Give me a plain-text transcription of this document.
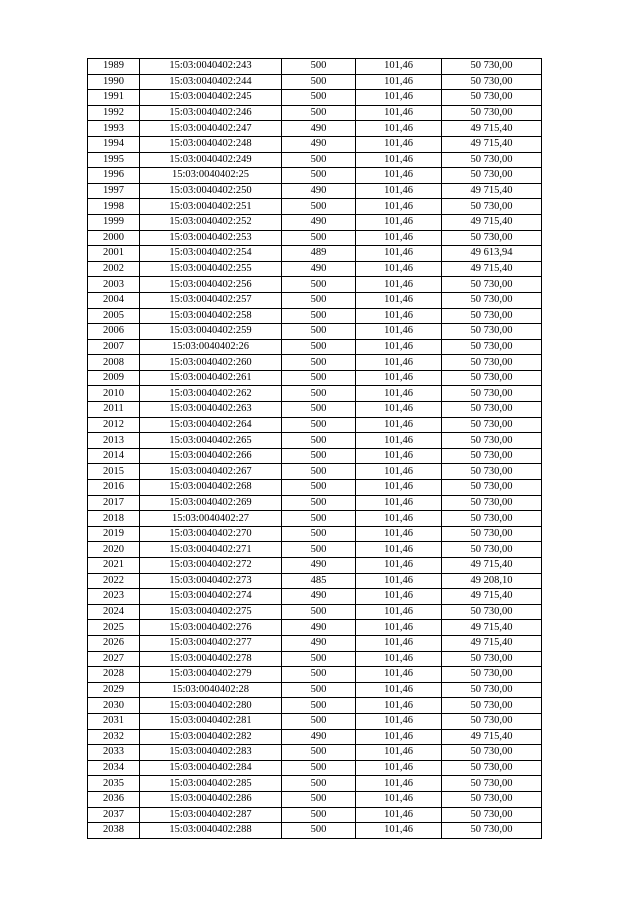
1989	15:03:0040402:243	500	101,46	50 730,00
1990	15:03:0040402:244	500	101,46	50 730,00
1991	15:03:0040402:245	500	101,46	50 730,00
1992	15:03:0040402:246	500	101,46	50 730,00
1993	15:03:0040402:247	490	101,46	49 715,40
1994	15:03:0040402:248	490	101,46	49 715,40
1995	15:03:0040402:249	500	101,46	50 730,00
1996	15:03:0040402:25	500	101,46	50 730,00
1997	15:03:0040402:250	490	101,46	49 715,40
1998	15:03:0040402:251	500	101,46	50 730,00
1999	15:03:0040402:252	490	101,46	49 715,40
2000	15:03:0040402:253	500	101,46	50 730,00
2001	15:03:0040402:254	489	101,46	49 613,94
2002	15:03:0040402:255	490	101,46	49 715,40
2003	15:03:0040402:256	500	101,46	50 730,00
2004	15:03:0040402:257	500	101,46	50 730,00
2005	15:03:0040402:258	500	101,46	50 730,00
2006	15:03:0040402:259	500	101,46	50 730,00
2007	15:03:0040402:26	500	101,46	50 730,00
2008	15:03:0040402:260	500	101,46	50 730,00
2009	15:03:0040402:261	500	101,46	50 730,00
2010	15:03:0040402:262	500	101,46	50 730,00
2011	15:03:0040402:263	500	101,46	50 730,00
2012	15:03:0040402:264	500	101,46	50 730,00
2013	15:03:0040402:265	500	101,46	50 730,00
2014	15:03:0040402:266	500	101,46	50 730,00
2015	15:03:0040402:267	500	101,46	50 730,00
2016	15:03:0040402:268	500	101,46	50 730,00
2017	15:03:0040402:269	500	101,46	50 730,00
2018	15:03:0040402:27	500	101,46	50 730,00
2019	15:03:0040402:270	500	101,46	50 730,00
2020	15:03:0040402:271	500	101,46	50 730,00
2021	15:03:0040402:272	490	101,46	49 715,40
2022	15:03:0040402:273	485	101,46	49 208,10
2023	15:03:0040402:274	490	101,46	49 715,40
2024	15:03:0040402:275	500	101,46	50 730,00
2025	15:03:0040402:276	490	101,46	49 715,40
2026	15:03:0040402:277	490	101,46	49 715,40
2027	15:03:0040402:278	500	101,46	50 730,00
2028	15:03:0040402:279	500	101,46	50 730,00
2029	15:03:0040402:28	500	101,46	50 730,00
2030	15:03:0040402:280	500	101,46	50 730,00
2031	15:03:0040402:281	500	101,46	50 730,00
2032	15:03:0040402:282	490	101,46	49 715,40
2033	15:03:0040402:283	500	101,46	50 730,00
2034	15:03:0040402:284	500	101,46	50 730,00
2035	15:03:0040402:285	500	101,46	50 730,00
2036	15:03:0040402:286	500	101,46	50 730,00
2037	15:03:0040402:287	500	101,46	50 730,00
2038	15:03:0040402:288	500	101,46	50 730,00
